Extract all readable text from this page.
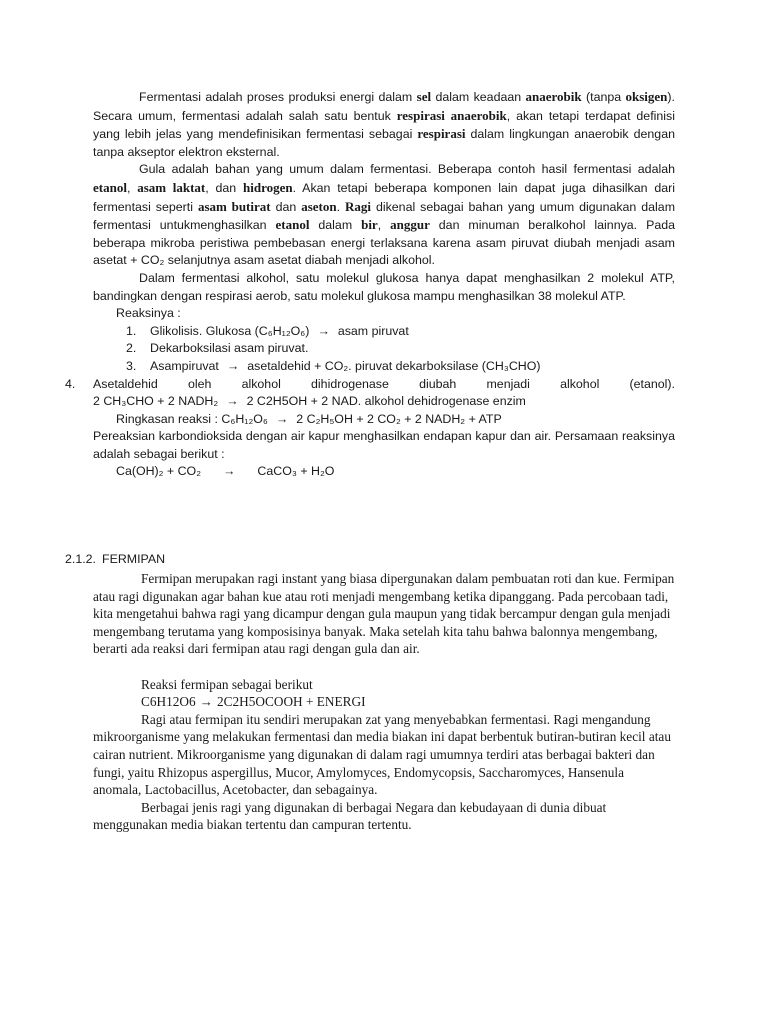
Fermentasi adalah proses produksi energi dalam sel dalam keadaan anaerobik (tanpa oksigen). Secara umum, fermentasi adalah salah satu bentuk respirasi anaerobik, akan tetapi terdapat definisi yang lebih jelas yang mendefinisikan fermentasi sebagai respirasi dalam lingkungan anaerobik dengan tanpa akseptor elektron eksternal.

Gula adalah bahan yang umum dalam fermentasi. Beberapa contoh hasil fermentasi adalah etanol, asam laktat, dan hidrogen. Akan tetapi beberapa komponen lain dapat juga dihasilkan dari fermentasi seperti asam butirat dan aseton. Ragi dikenal sebagai bahan yang umum digunakan dalam fermentasi untukmenghasilkan etanol dalam bir, anggur dan minuman beralkohol lainnya. Pada beberapa mikroba peristiwa pembebasan energi terlaksana karena asam piruvat diubah menjadi asam asetat + CO₂ selanjutnya asam asetat diabah menjadi alkohol.

Dalam fermentasi alkohol, satu molekul glukosa hanya dapat menghasilkan 2 molekul ATP, bandingkan dengan respirasi aerob, satu molekul glukosa mampu menghasilkan 38 molekul ATP.

Reaksinya :
1. Glikolisis. Glukosa (C₆H₁₂O₆) → asam piruvat
2. Dekarboksilasi asam piruvat.
3. Asampiruvat → asetaldehid + CO₂. piruvat dekarboksilase (CH₃CHO)
4. Asetaldehid oleh alkohol dihidrogenase diubah menjadi alkohol (etanol).

2 CH₃CHO + 2 NADH₂ → 2 C2H5OH + 2 NAD. alkohol dehidrogenase enzim
Ringkasan reaksi : C₆H₁₂O₆ → 2 C₂H₅OH + 2 CO₂ + 2 NADH₂ + ATP

Pereaksian karbondioksida dengan air kapur menghasilkan endapan kapur dan air. Persamaan reaksinya adalah sebagai berikut :

Ca(OH)₂ + CO₂ → CaCO₃ + H₂O
2.1.2. FERMIPAN

Fermipan merupakan ragi instant yang biasa dipergunakan dalam pembuatan roti dan kue. Fermipan atau ragi digunakan agar bahan kue atau roti menjadi mengembang ketika dipanggang. Pada percobaan tadi, kita mengetahui bahwa ragi yang dicampur dengan gula maupun yang tidak bercampur dengan gula menjadi mengembang terutama yang komposisinya banyak. Maka setelah kita tahu bahwa balonnya mengembang, berarti ada reaksi dari fermipan atau ragi dengan gula dan air.

Reaksi fermipan sebagai berikut
C6H12O6 → 2C2H5OCOOH + ENERGI

Ragi atau fermipan itu sendiri merupakan zat yang menyebabkan fermentasi. Ragi mengandung mikroorganisme yang melakukan fermentasi dan media biakan ini dapat berbentuk butiran-butiran kecil atau cairan nutrient. Mikroorganisme yang digunakan di dalam ragi umumnya terdiri atas berbagai bakteri dan fungi, yaitu Rhizopus aspergillus, Mucor, Amylomyces, Endomycopsis, Saccharomyces, Hansenula anomala, Lactobacillus, Acetobacter, dan sebagainya.

Berbagai jenis ragi yang digunakan di berbagai Negara dan kebudayaan di dunia dibuat menggunakan media biakan tertentu dan campuran tertentu.
